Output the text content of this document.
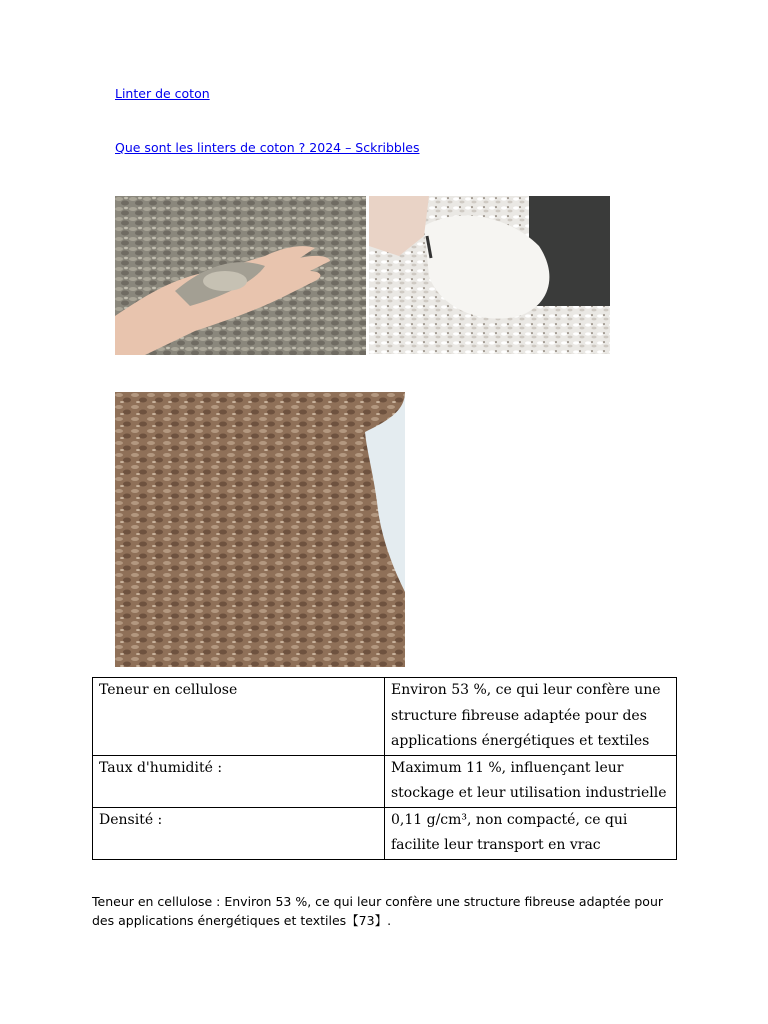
Linter de coton
Que sont les linters de coton ? 2024 – Sckribbles
Teneur en cellulose	Environ 53 %, ce qui leur confère une structure fibreuse adaptée pour des applications énergétiques et textiles
Taux d'humidité :	Maximum 11 %, influençant leur stockage et leur utilisation industrielle
Densité :	0,11 g/cm³, non compacté, ce qui facilite leur transport en vrac

Teneur en cellulose : Environ 53 %, ce qui leur confère une structure fibreuse adaptée pour des applications énergétiques et textiles【73】.
